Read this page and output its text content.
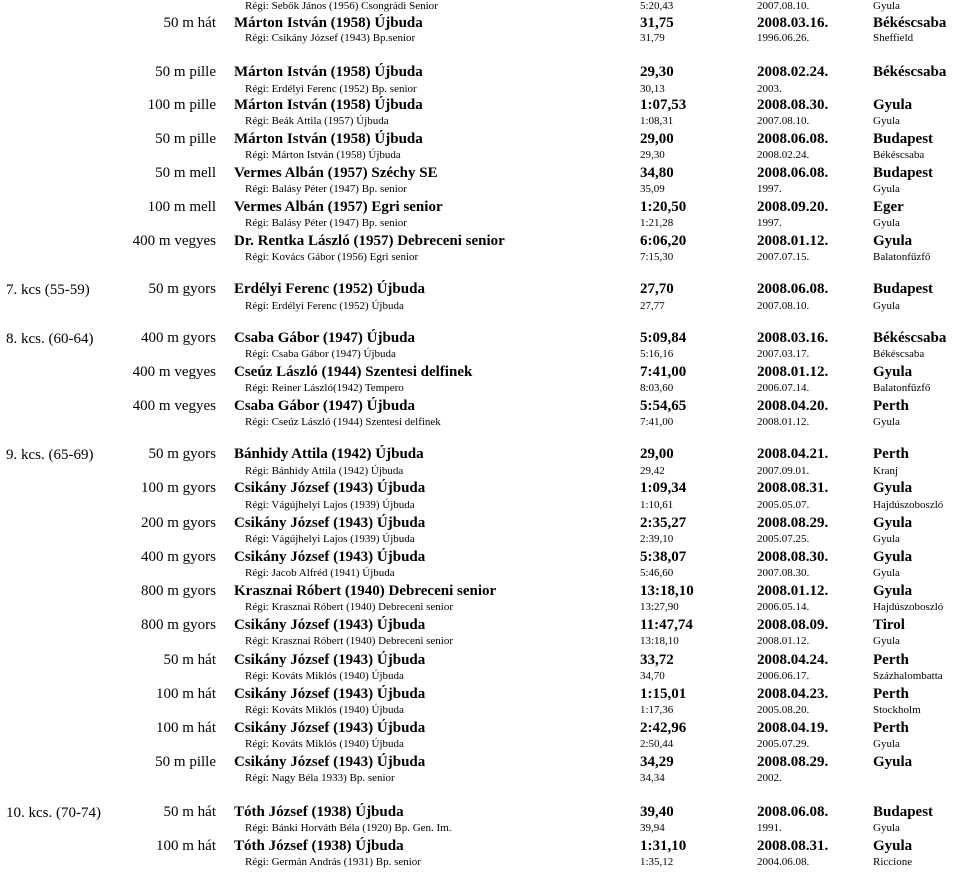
Régi: Sebők János (1956) Csongrádi Senior	5:20,43	2007.08.10.	Gyula
50 m hát Márton István (1958) Újbuda	31,75	2008.03.16.	Békéscsaba
Régi: Csikány József (1943) Bp.senior	31,79	1996.06.26.	Sheffield
50 m pille Márton István (1958) Újbuda	29,30	2008.02.24.	Békéscsaba
Régi: Erdélyi Ferenc (1952) Bp. senior	30,13	2003.
100 m pille Márton István (1958) Újbuda	1:07,53	2008.08.30.	Gyula
Régi: Beák Attila (1957) Újbuda	1:08,31	2007.08.10.	Gyula
50 m pille Márton István (1958) Újbuda	29,00	2008.06.08.	Budapest
Régi: Márton István (1958) Újbuda	29,30	2008.02.24.	Békéscsaba
50 m mell Vermes Albán (1957) Széchy SE	34,80	2008.06.08.	Budapest
Régi: Balásy Péter (1947) Bp. senior	35,09	1997.	Gyula
100 m mell Vermes Albán (1957) Egri senior	1:20,50	2008.09.20.	Eger
Régi: Balásy Péter (1947) Bp. senior	1:21,28	1997.	Gyula
400 m vegyes Dr. Rentka László (1957) Debreceni senior	6:06,20	2008.01.12.	Gyula
Régi: Kovács Gábor (1956) Egri senior	7:15,30	2007.07.15.	Balatonfűzfő
7. kcs (55-59)	50 m gyors Erdélyi Ferenc (1952) Újbuda	27,70	2008.06.08.	Budapest
Régi: Erdélyi Ferenc (1952) Újbuda	27,77	2007.08.10.	Gyula
8. kcs. (60-64)	400 m gyors Csaba Gábor (1947) Újbuda	5:09,84	2008.03.16.	Békéscsaba
Régi: Csaba Gábor (1947) Újbuda	5:16,16	2007.03.17.	Békéscsaba
400 m vegyes Cseúz László (1944) Szentesi delfinek	7:41,00	2008.01.12.	Gyula
Régi: Reiner László(1942) Tempero	8:03,60	2006.07.14.	Balatonfűzfő
400 m vegyes Csaba Gábor (1947) Újbuda	5:54,65	2008.04.20.	Perth
Régi: Cseúz László (1944) Szentesi delfinek	7:41,00	2008.01.12.	Gyula
9. kcs. (65-69)	50 m gyors Bánhidy Attila (1942) Újbuda	29,00	2008.04.21.	Perth
Régi: Bánhidy Attila (1942) Újbuda	29,42	2007.09.01.	Kranj
100 m gyors Csikány József (1943) Újbuda	1:09,34	2008.08.31.	Gyula
Régi: Vágújhelyi Lajos (1939) Újbuda	1:10,61	2005.05.07.	Hajdúszoboszló
200 m gyors Csikány József (1943) Újbuda	2:35,27	2008.08.29.	Gyula
Régi: Vágújhelyi Lajos (1939) Újbuda	2:39,10	2005.07.25.	Gyula
400 m gyors Csikány József (1943) Újbuda	5:38,07	2008.08.30.	Gyula
Régi: Jacob Alfréd (1941) Újbuda	5:46,60	2007.08.30.	Gyula
800 m gyors Krasznai Róbert (1940) Debreceni senior	13:18,10	2008.01.12.	Gyula
Régi: Krasznai Róbert (1940) Debreceni senior	13:27,90	2006.05.14.	Hajdúszoboszló
800 m gyors Csikány József (1943) Újbuda	11:47,74	2008.08.09.	Tirol
Régi: Krasznai Róbert (1940) Debreceni senior	13:18,10	2008.01.12.	Gyula
50 m hát Csikány József (1943) Újbuda	33,72	2008.04.24.	Perth
Régi: Kováts Miklós (1940) Újbuda	34,70	2006.06.17.	Százhalombatta
100 m hát Csikány József (1943) Újbuda	1:15,01	2008.04.23.	Perth
Régi: Kováts Miklós (1940) Újbuda	1:17,36	2005.08.20.	Stockholm
100 m hát Csikány József (1943) Újbuda	2:42,96	2008.04.19.	Perth
Régi: Kováts Miklós (1940) Újbuda	2:50,44	2005.07.29.	Gyula
50 m pille Csikány József (1943) Újbuda	34,29	2008.08.29.	Gyula
Régi: Nagy Béla 1933) Bp. senior	34,34	2002.
10. kcs. (70-74)	50 m hát Tóth József (1938) Újbuda	39,40	2008.06.08.	Budapest
Régi: Bánki Horváth Béla (1920) Bp. Gen. Im.	39,94	1991.	Gyula
100 m hát Tóth József (1938) Újbuda	1:31,10	2008.08.31.	Gyula
Régi: Germán András (1931) Bp. senior	1:35,12	2004.06.08.	Riccione
